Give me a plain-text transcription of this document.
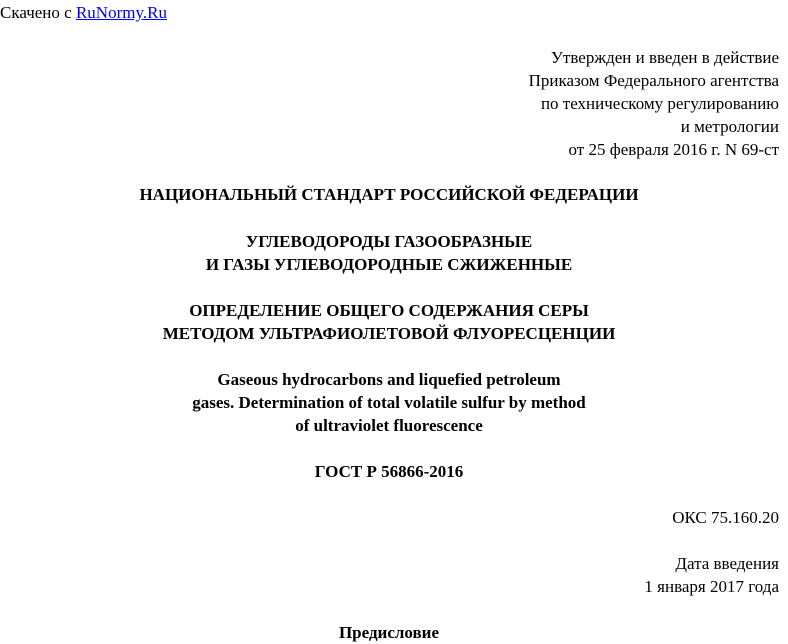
Скачено с RuNormy.Ru
Утвержден и введен в действие
Приказом Федерального агентства
по техническому регулированию
и метрологии
от 25 февраля 2016 г. N 69-ст
НАЦИОНАЛЬНЫЙ СТАНДАРТ РОССИЙСКОЙ ФЕДЕРАЦИИ
УГЛЕВОДОРОДЫ ГАЗООБРАЗНЫЕ
И ГАЗЫ УГЛЕВОДОРОДНЫЕ СЖИЖЕННЫЕ
ОПРЕДЕЛЕНИЕ ОБЩЕГО СОДЕРЖАНИЯ СЕРЫ
МЕТОДОМ УЛЬТРАФИОЛЕТОВОЙ ФЛУОРЕСЦЕНЦИИ
Gaseous hydrocarbons and liquefied petroleum
gases. Determination of total volatile sulfur by method
of ultraviolet fluorescence
ГОСТ Р 56866-2016
ОКС 75.160.20
Дата введения
1 января 2017 года
Предисловие
